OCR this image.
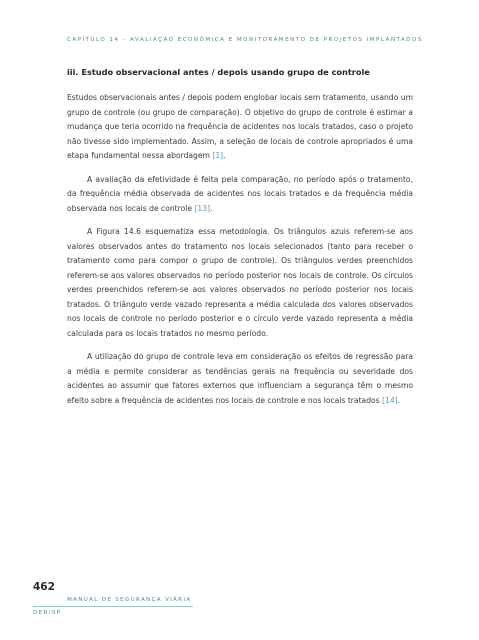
CAPÍTULO 14 – AVALIAÇÃO ECONÔMICA E MONITORAMENTO DE PROJETOS IMPLANTADOS
iii. Estudo observacional antes / depois usando grupo de controle

Estudos observacionais antes / depois podem englobar locais sem tratamento, usando um grupo de controle (ou grupo de comparação). O objetivo do grupo de controle é estimar a mudança que teria ocorrido na frequência de acidentes nos locais tratados, caso o projeto não tivesse sido implementado. Assim, a seleção de locais de controle apropriados é uma etapa fundamental nessa abordagem [1].

A avaliação da efetividade é feita pela comparação, no período após o tratamento, da frequência média observada de acidentes nos locais tratados e da frequência média observada nos locais de controle [13].

A Figura 14.6 esquematiza essa metodologia. Os triângulos azuis referem-se aos valores observados antes do tratamento nos locais selecionados (tanto para receber o tratamento como para compor o grupo de controle). Os triângulos verdes preenchidos referem-se aos valores observados no período posterior nos locais de controle. Os círculos verdes preenchidos referem-se aos valores observados no período posterior nos locais tratados. O triângulo verde vazado representa a média calculada dos valores observados nos locais de controle no período posterior e o círculo verde vazado representa a média calculada para os locais tratados no mesmo período.

A utilização do grupo de controle leva em consideração os efeitos de regressão para a média e permite considerar as tendências gerais na frequência ou severidade dos acidentes ao assumir que fatores externos que influenciam a segurança têm o mesmo efeito sobre a frequência de acidentes nos locais de controle e nos locais tratados [14].

462
MANUAL DE SEGURANÇA VIÁRIA
DER/SP
